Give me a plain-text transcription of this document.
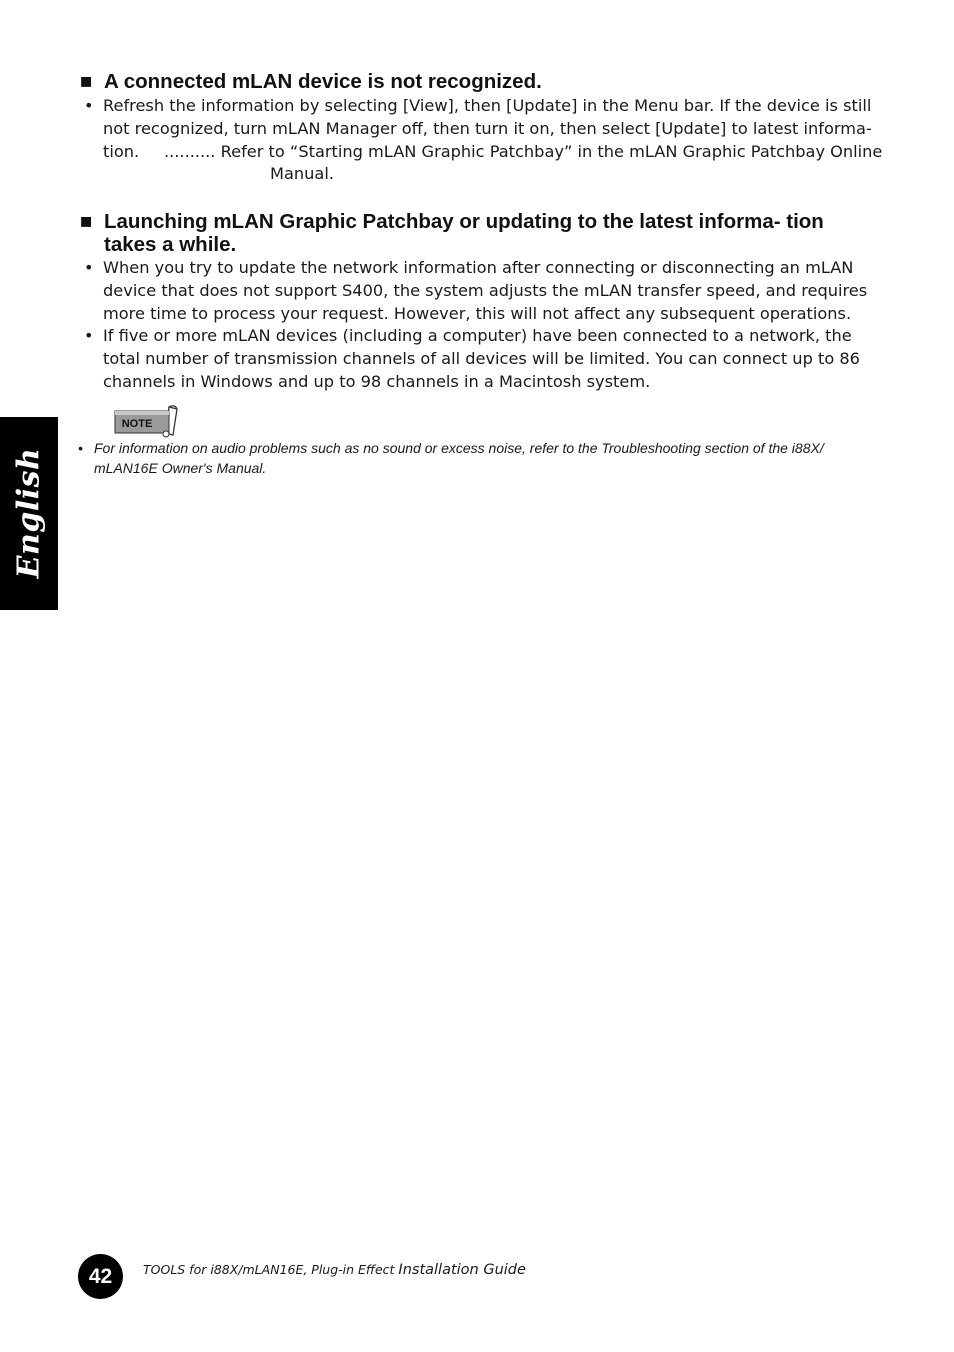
English
■ A connected mLAN device is not recognized.
• Refresh the information by selecting [View], then [Update] in the Menu bar. If the device is still not recognized, turn mLAN Manager off, then turn it on, then select [Update] to latest informa-
tion. .......... Refer to “Starting mLAN Graphic Patchbay” in the mLAN Graphic Patchbay Online Manual.
■ Launching mLAN Graphic Patchbay or updating to the latest informa- tion takes a while.
• When you try to update the network information after connecting or disconnecting an mLAN device that does not support S400, the system adjusts the mLAN transfer speed, and requires more time to process your request. However, this will not affect any subsequent operations.
• If five or more mLAN devices (including a computer) have been connected to a network, the total number of transmission channels of all devices will be limited. You can connect up to 86 channels in Windows and up to 98 channels in a Macintosh system.
NOTE
• For information on audio problems such as no sound or excess noise, refer to the Troubleshooting section of the i88X/ mLAN16E Owner's Manual.
42	TOOLS for i88X/mLAN16E, Plug-in Effect Installation Guide
